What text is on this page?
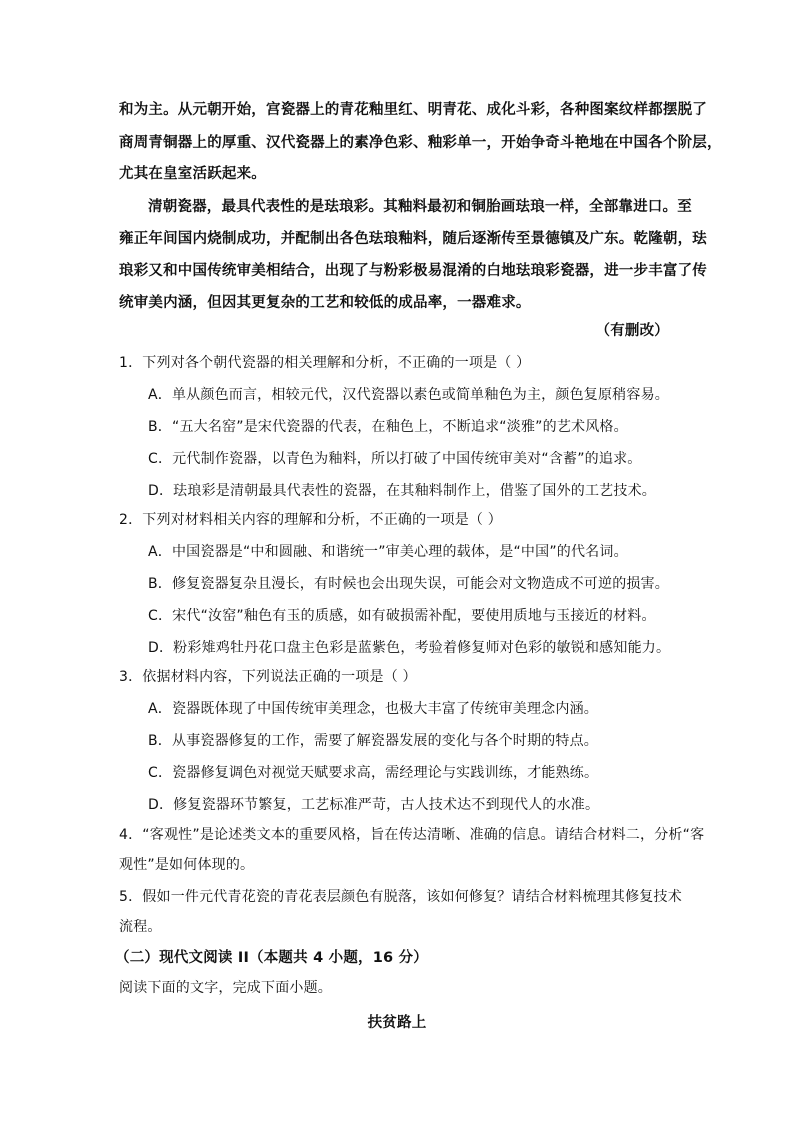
和为主。从元朝开始，宫瓷器上的青花釉里红、明青花、成化斗彩，各种图案纹样都摆脱了
商周青铜器上的厚重、汉代瓷器上的素净色彩、釉彩单一，开始争奇斗艳地在中国各个阶层，
尤其在皇室活跃起来。
清朝瓷器，最具代表性的是珐琅彩。其釉料最初和铜胎画珐琅一样，全部靠进口。至
雍正年间国内烧制成功，并配制出各色珐琅釉料，随后逐渐传至景德镇及广东。乾隆朝，珐
琅彩又和中国传统审美相结合，出现了与粉彩极易混淆的白地珐琅彩瓷器，进一步丰富了传
统审美内涵，但因其更复杂的工艺和较低的成品率，一器难求。
（有删改）
1．下列对各个朝代瓷器的相关理解和分析，不正确的一项是（ ）
A．单从颜色而言，相较元代，汉代瓷器以素色或简单釉色为主，颜色复原稍容易。
B．“五大名窑”是宋代瓷器的代表，在釉色上，不断追求“淡雅”的艺术风格。
C．元代制作瓷器，以青色为釉料，所以打破了中国传统审美对“含蓄”的追求。
D．珐琅彩是清朝最具代表性的瓷器，在其釉料制作上，借鉴了国外的工艺技术。
2．下列对材料相关内容的理解和分析，不正确的一项是（ ）
A．中国瓷器是“中和圆融、和谐统一”审美心理的载体，是“中国”的代名词。
B．修复瓷器复杂且漫长，有时候也会出现失误，可能会对文物造成不可逆的损害。
C．宋代“汝窑”釉色有玉的质感，如有破损需补配，要使用质地与玉接近的材料。
D．粉彩雉鸡牡丹花口盘主色彩是蓝紫色，考验着修复师对色彩的敏锐和感知能力。
3．依据材料内容，下列说法正确的一项是（ ）
A．瓷器既体现了中国传统审美理念，也极大丰富了传统审美理念内涵。
B．从事瓷器修复的工作，需要了解瓷器发展的变化与各个时期的特点。
C．瓷器修复调色对视觉天赋要求高，需经理论与实践训练，才能熟练。
D．修复瓷器环节繁复，工艺标准严苛，古人技术达不到现代人的水准。
4．“客观性”是论述类文本的重要风格，旨在传达清晰、准确的信息。请结合材料二，分析“客
观性”是如何体现的。
5．假如一件元代青花瓷的青花表层颜色有脱落，该如何修复？请结合材料梳理其修复技术
流程。
（二）现代文阅读 II（本题共 4 小题，16 分）
阅读下面的文字，完成下面小题。
扶贫路上
